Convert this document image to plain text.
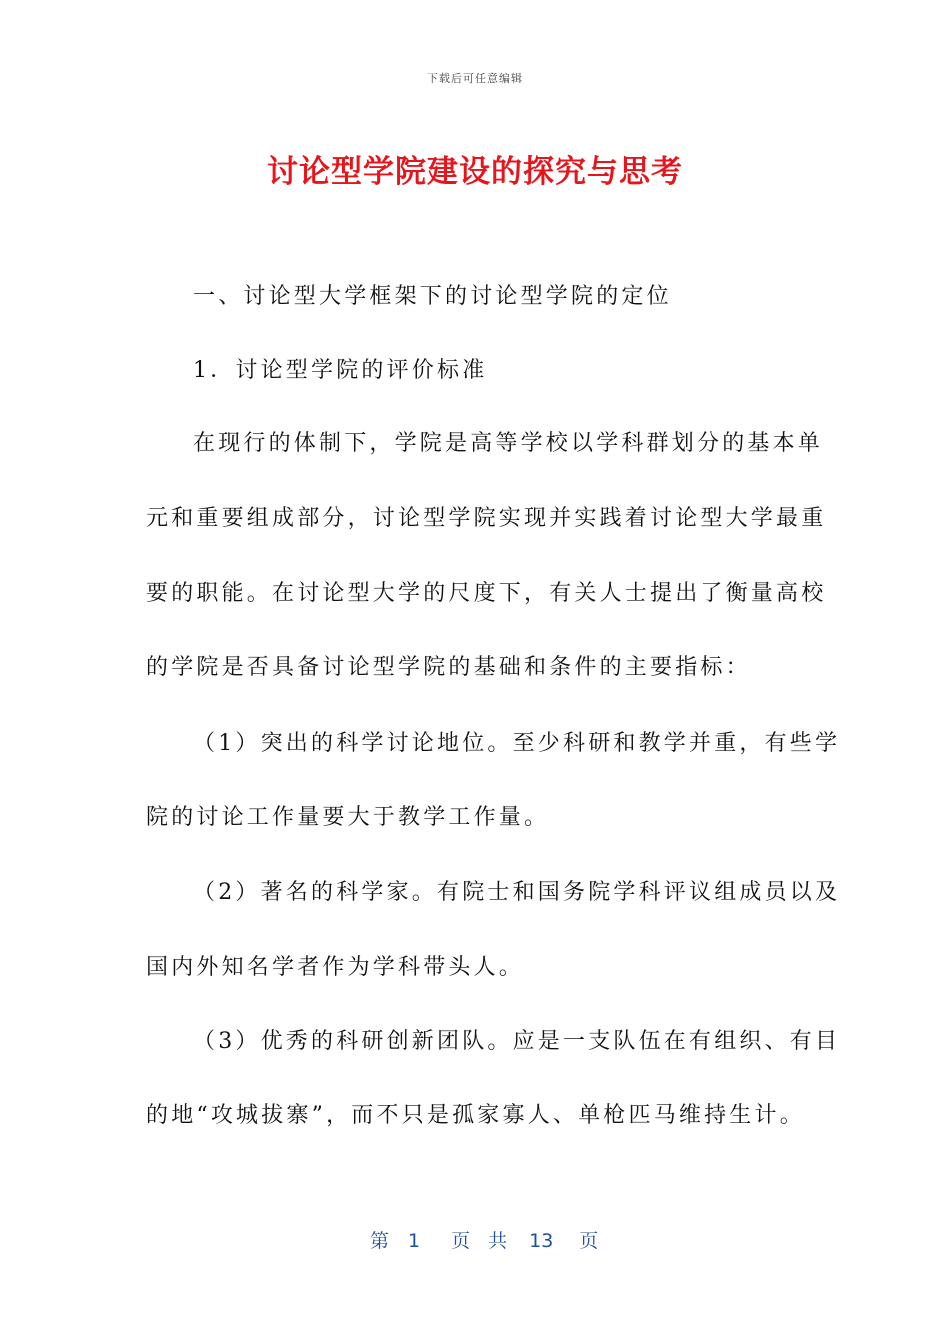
下载后可任意编辑
讨论型学院建设的探究与思考
一、讨论型大学框架下的讨论型学院的定位
1．讨论型学院的评价标准
在现行的体制下，学院是高等学校以学科群划分的基本单
元和重要组成部分，讨论型学院实现并实践着讨论型大学最重
要的职能。在讨论型大学的尺度下，有关人士提出了衡量高校
的学院是否具备讨论型学院的基础和条件的主要指标：
（1）突出的科学讨论地位。至少科研和教学并重，有些学
院的讨论工作量要大于教学工作量。
（2）著名的科学家。有院士和国务院学科评议组成员以及
国内外知名学者作为学科带头人。
（3）优秀的科研创新团队。应是一支队伍在有组织、有目
的地“攻城拔寨”，而不只是孤家寡人、单枪匹马维持生计。
第 1 页 共 13 页
